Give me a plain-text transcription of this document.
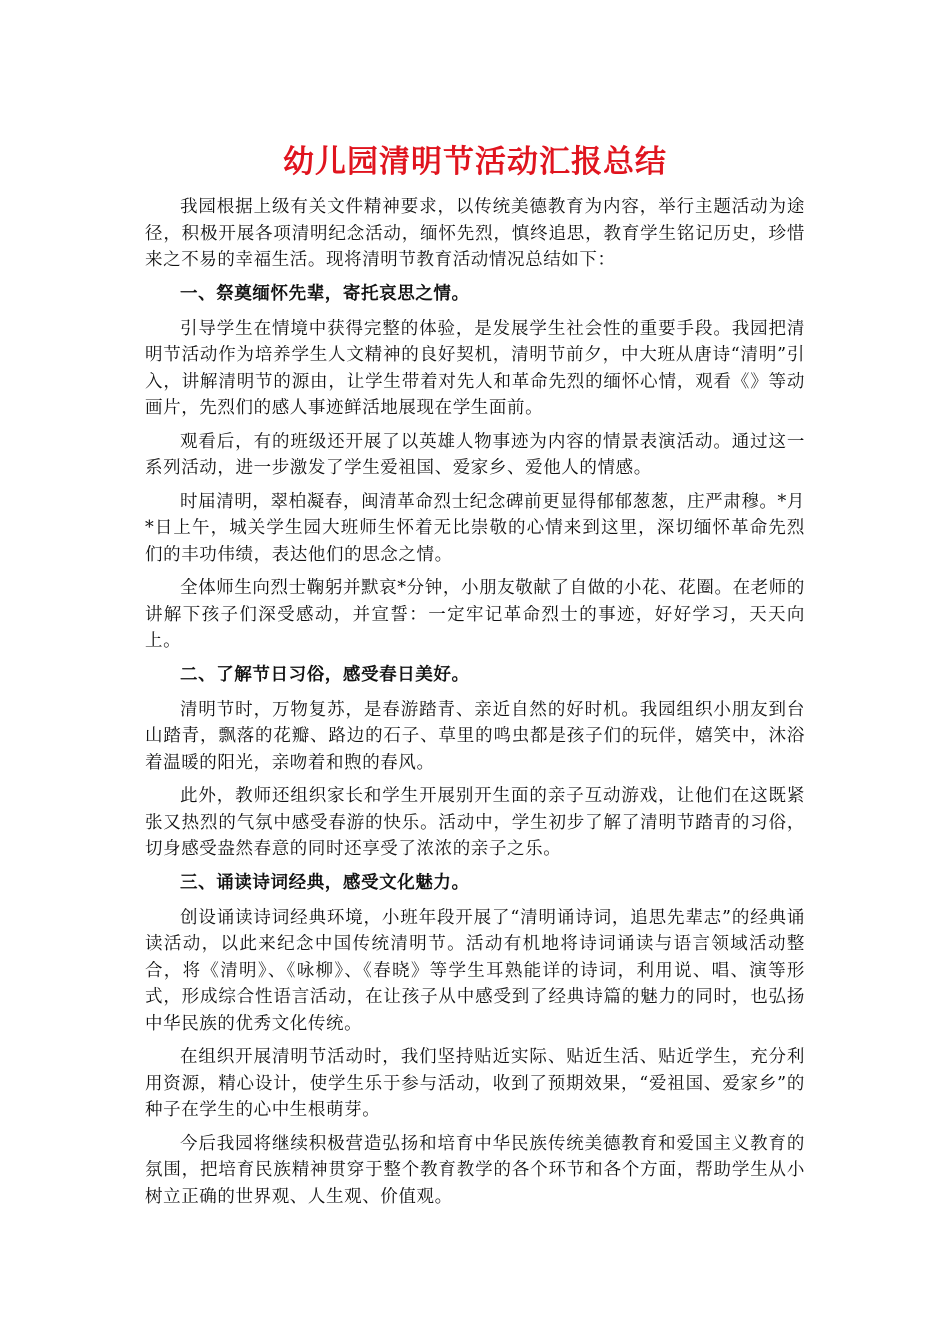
幼儿园清明节活动汇报总结

我园根据上级有关文件精神要求，以传统美德教育为内容，举行主题活动为途径，积极开展各项清明纪念活动，缅怀先烈，慎终追思，教育学生铭记历史，珍惜来之不易的幸福生活。现将清明节教育活动情况总结如下：

一、祭奠缅怀先辈，寄托哀思之情。

引导学生在情境中获得完整的体验，是发展学生社会性的重要手段。我园把清明节活动作为培养学生人文精神的良好契机，清明节前夕，中大班从唐诗“清明”引入，讲解清明节的源由，让学生带着对先人和革命先烈的缅怀心情，观看《》等动画片，先烈们的感人事迹鲜活地展现在学生面前。

观看后，有的班级还开展了以英雄人物事迹为内容的情景表演活动。通过这一系列活动，进一步激发了学生爱祖国、爱家乡、爱他人的情感。

时届清明，翠柏凝春，闽清革命烈士纪念碑前更显得郁郁葱葱，庄严肃穆。*月*日上午，城关学生园大班师生怀着无比崇敬的心情来到这里，深切缅怀革命先烈们的丰功伟绩，表达他们的思念之情。

全体师生向烈士鞠躬并默哀*分钟，小朋友敬献了自做的小花、花圈。在老师的讲解下孩子们深受感动，并宣誓：一定牢记革命烈士的事迹，好好学习，天天向上。

二、了解节日习俗，感受春日美好。

清明节时，万物复苏，是春游踏青、亲近自然的好时机。我园组织小朋友到台山踏青，飘落的花瓣、路边的石子、草里的鸣虫都是孩子们的玩伴，嬉笑中，沐浴着温暖的阳光，亲吻着和煦的春风。

此外，教师还组织家长和学生开展别开生面的亲子互动游戏，让他们在这既紧张又热烈的气氛中感受春游的快乐。活动中，学生初步了解了清明节踏青的习俗，切身感受盎然春意的同时还享受了浓浓的亲子之乐。

三、诵读诗词经典，感受文化魅力。

创设诵读诗词经典环境，小班年段开展了“清明诵诗词，追思先辈志”的经典诵读活动，以此来纪念中国传统清明节。活动有机地将诗词诵读与语言领域活动整合，将《清明》、《咏柳》、《春晓》等学生耳熟能详的诗词，利用说、唱、演等形式，形成综合性语言活动，在让孩子从中感受到了经典诗篇的魅力的同时，也弘扬中华民族的优秀文化传统。

在组织开展清明节活动时，我们坚持贴近实际、贴近生活、贴近学生，充分利用资源，精心设计，使学生乐于参与活动，收到了预期效果，“爱祖国、爱家乡”的种子在学生的心中生根萌芽。

今后我园将继续积极营造弘扬和培育中华民族传统美德教育和爱国主义教育的氛围，把培育民族精神贯穿于整个教育教学的各个环节和各个方面，帮助学生从小树立正确的世界观、人生观、价值观。
